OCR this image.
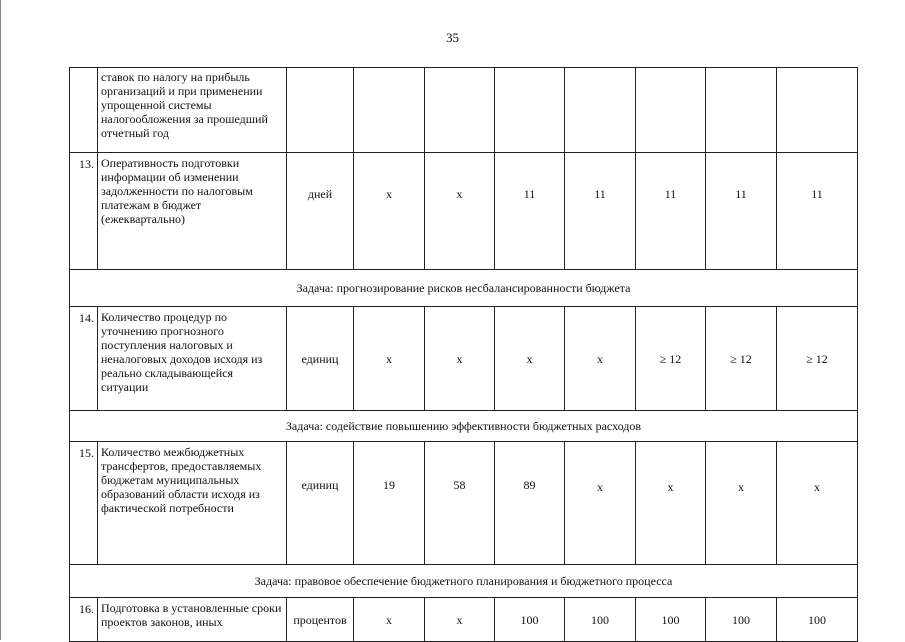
35
	ставок по налогу на прибыль организаций и при применении упрощенной системы налогообложения за прошедший отчетный год								
13.	Оперативность подготовки информации об изменении задолженности по налоговым платежам в бюджет (ежеквартально)	дней	x	x	11	11	11	11	11
Задача: прогнозирование рисков несбалансированности бюджета									
14.	Количество процедур по уточнению прогнозного поступления налоговых и неналоговых доходов исходя из реально складывающейся ситуации	единиц	x	x	x	x	≥ 12	≥ 12	≥ 12
Задача: содействие повышению эффективности бюджетных расходов									
15.	Количество межбюджетных трансфертов, предоставляемых бюджетам муниципальных образований области исходя из фактической потребности	единиц	19	58	89	x	x	x	x
Задача: правовое обеспечение бюджетного планирования и бюджетного процесса									
16.	Подготовка в установленные сроки проектов законов, иных	процентов	x	x	100	100	100	100	100
